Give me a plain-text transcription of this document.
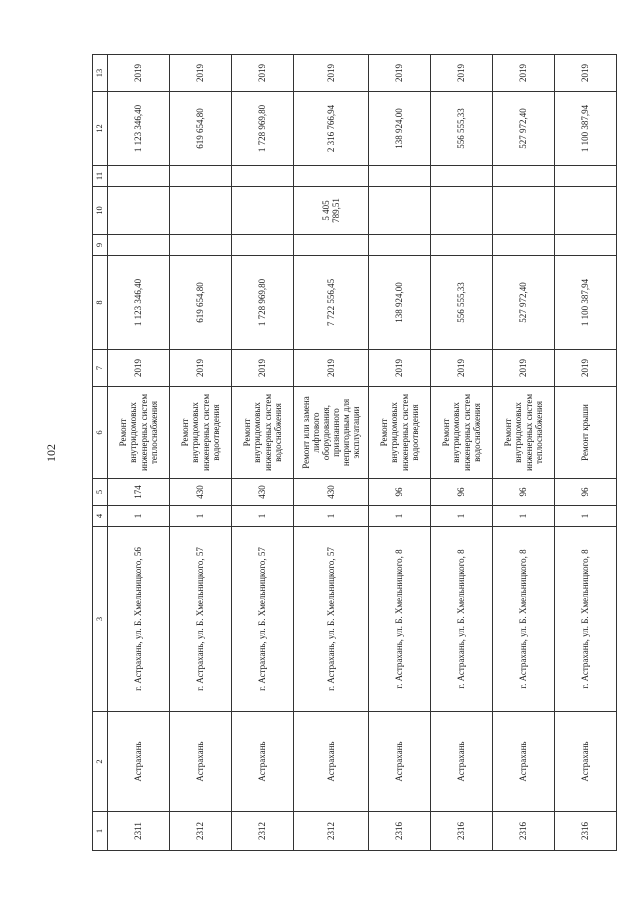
102
1	2	3	4	5	6	7	8	9	10	11	12	13
2311	Астрахань	г. Астрахань, ул. Б. Хмельницкого, 56	1	174	Ремонт внутридомовых инженерных систем теплоснабжения	2019	1 123 346,40				1 123 346,40	2019
2312	Астрахань	г. Астрахань, ул. Б. Хмельницкого, 57	1	430	Ремонт внутридомовых инженерных систем водоотведения	2019	619 654,80				619 654,80	2019
2312	Астрахань	г. Астрахань, ул. Б. Хмельницкого, 57	1	430	Ремонт внутридомовых инженерных систем водоснабжения	2019	1 728 969,80				1 728 969,80	2019
2312	Астрахань	г. Астрахань, ул. Б. Хмельницкого, 57	1	430	Ремонт или замена лифтового оборудования, признанного непригодным для эксплуатации	2019	7 722 556,45		5 405 789,51		2 316 766,94	2019
2316	Астрахань	г. Астрахань, ул. Б. Хмельницкого, 8	1	96	Ремонт внутридомовых инженерных систем водоотведения	2019	138 924,00				138 924,00	2019
2316	Астрахань	г. Астрахань, ул. Б. Хмельницкого, 8	1	96	Ремонт внутридомовых инженерных систем водоснабжения	2019	556 555,33				556 555,33	2019
2316	Астрахань	г. Астрахань, ул. Б. Хмельницкого, 8	1	96	Ремонт внутридомовых инженерных систем теплоснабжения	2019	527 972,40				527 972,40	2019
2316	Астрахань	г. Астрахань, ул. Б. Хмельницкого, 8	1	96	Ремонт крыши	2019	1 100 387,94				1 100 387,94	2019
